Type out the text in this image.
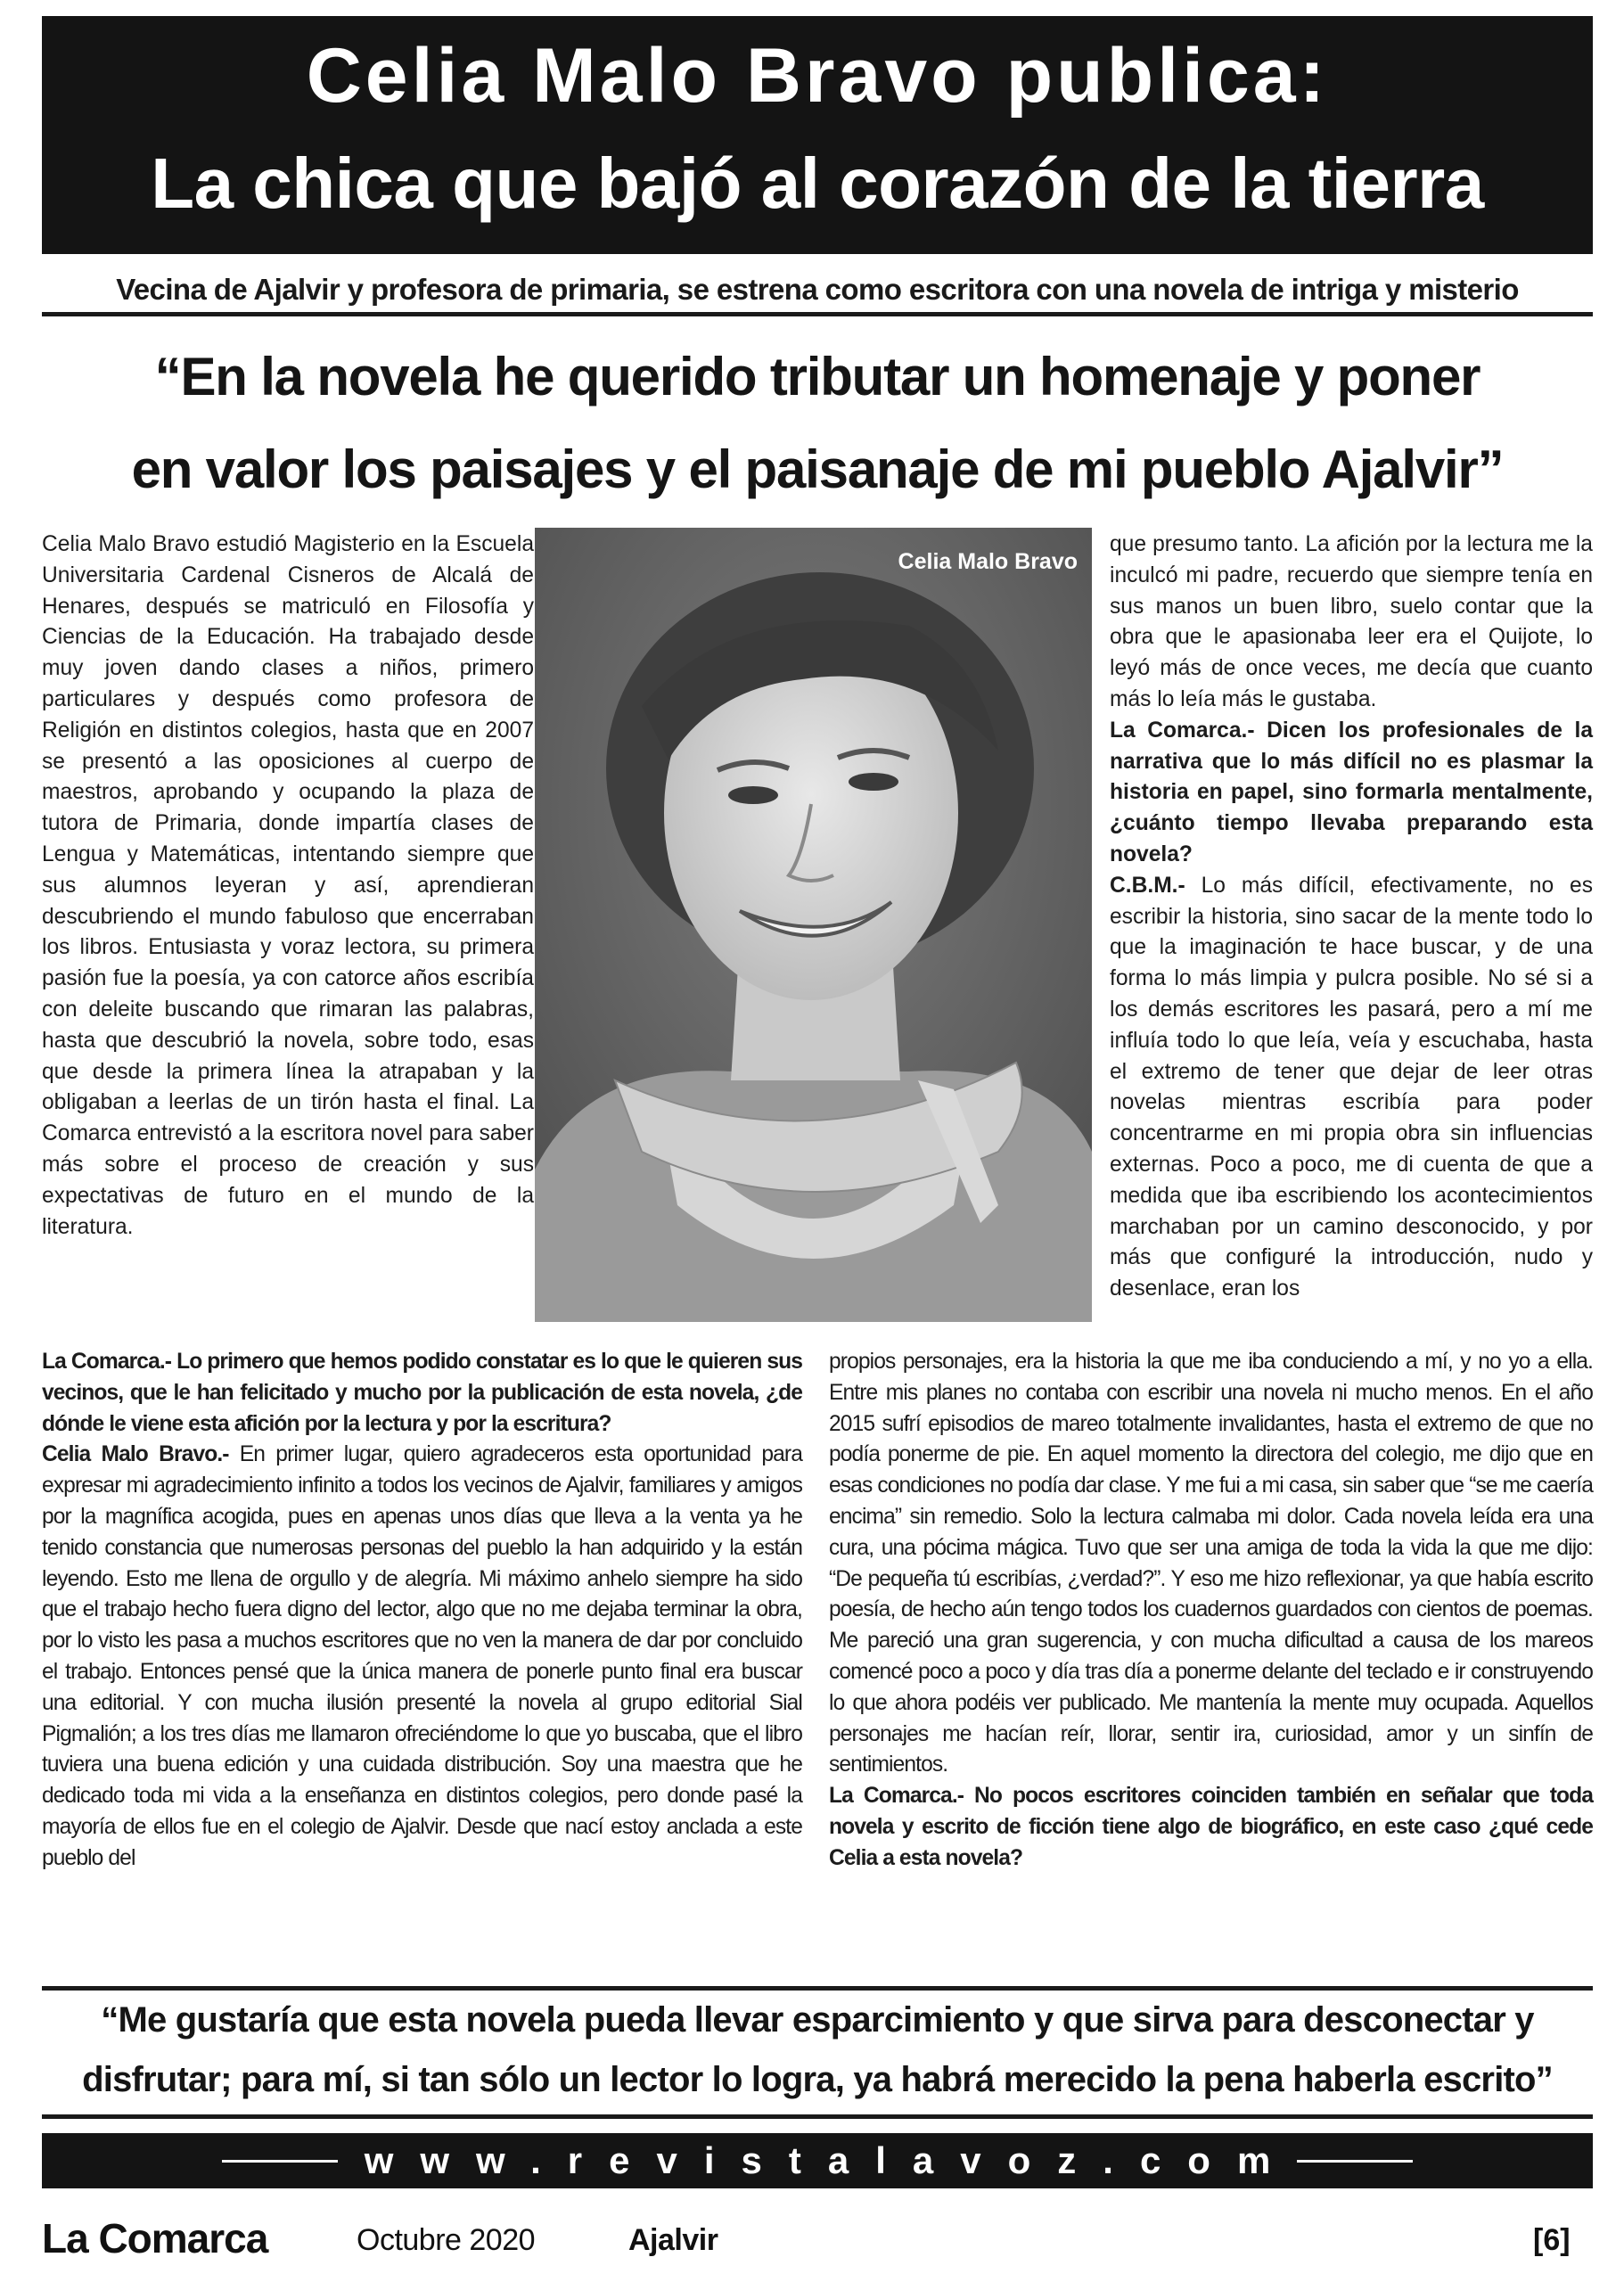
Celia Malo Bravo publica:
La chica que bajó al corazón de la tierra
Vecina de Ajalvir y profesora de primaria, se estrena como escritora con una novela de intriga y misterio
“En la novela he querido tributar un homenaje y poner
en valor los paisajes y el paisanaje de mi pueblo Ajalvir”

Celia Malo Bravo estudió Magisterio en la Escuela Universitaria Cardenal Cisneros de Alcalá de Henares, después se matriculó en Filosofía y Ciencias de la Educación. Ha trabajado desde muy joven dando clases a niños, primero particulares y después como profesora de Religión en distintos colegios, hasta que en 2007 se presentó a las oposiciones al cuerpo de maestros, aprobando y ocupando la plaza de tutora de Primaria, donde impartía clases de Lengua y Matemáticas, intentando siempre que sus alumnos leyeran y así, aprendieran descubriendo el mundo fabuloso que encerraban los libros. Entusiasta y voraz lectora, su primera pasión fue la poesía, ya con catorce años escribía con deleite buscando que rimaran las palabras, hasta que descubrió la novela, sobre todo, esas que desde la primera línea la atrapaban y la obligaban a leerlas de un tirón hasta el final. La Comarca entrevistó a la escritora novel para saber más sobre el proceso de creación y sus expectativas de futuro en el mundo de la literatura.

Celia Malo Bravo

que presumo tanto. La afición por la lectura me la inculcó mi padre, recuerdo que siempre tenía en sus manos un buen libro, suelo contar que la obra que le apasionaba leer era el Quijote, lo leyó más de once veces, me decía que cuanto más lo leía más le gustaba.

La Comarca.- Dicen los profesionales de la narrativa que lo más difícil no es plasmar la historia en papel, sino formarla mentalmente, ¿cuánto tiempo llevaba preparando esta novela?

C.B.M.- Lo más difícil, efectivamente, no es escribir la historia, sino sacar de la mente todo lo que la imaginación te hace buscar, y de una forma lo más limpia y pulcra posible. No sé si a los demás escritores les pasará, pero a mí me influía todo lo que leía, veía y escuchaba, hasta el extremo de tener que dejar de leer otras novelas mientras escribía para poder concentrarme en mi propia obra sin influencias externas. Poco a poco, me di cuenta de que a medida que iba escribiendo los acontecimientos marchaban por un camino desconocido, y por más que configuré la introducción, nudo y desenlace, eran los

La Comarca.- Lo primero que hemos podido constatar es lo que le quieren sus vecinos, que le han felicitado y mucho por la publicación de esta novela, ¿de dónde le viene esta afición por la lectura y por la escritura?

Celia Malo Bravo.- En primer lugar, quiero agradeceros esta oportunidad para expresar mi agradecimiento infinito a todos los vecinos de Ajalvir, familiares y amigos por la magnífica acogida, pues en apenas unos días que lleva a la venta ya he tenido constancia que numerosas personas del pueblo la han adquirido y la están leyendo. Esto me llena de orgullo y de alegría. Mi máximo anhelo siempre ha sido que el trabajo hecho fuera digno del lector, algo que no me dejaba terminar la obra, por lo visto les pasa a muchos escritores que no ven la manera de dar por concluido el trabajo. Entonces pensé que la única manera de ponerle punto final era buscar una editorial. Y con mucha ilusión presenté la novela al grupo editorial Sial Pigmalión; a los tres días me llamaron ofreciéndome lo que yo buscaba, que el libro tuviera una buena edición y una cuidada distribución. Soy una maestra que he dedicado toda mi vida a la enseñanza en distintos colegios, pero donde pasé la mayoría de ellos fue en el colegio de Ajalvir. Desde que nací estoy anclada a este pueblo del

propios personajes, era la historia la que me iba conduciendo a mí, y no yo a ella. Entre mis planes no contaba con escribir una novela ni mucho menos. En el año 2015 sufrí episodios de mareo totalmente invalidantes, hasta el extremo de que no podía ponerme de pie. En aquel momento la directora del colegio, me dijo que en esas condiciones no podía dar clase. Y me fui a mi casa, sin saber que “se me caería encima” sin remedio. Solo la lectura calmaba mi dolor. Cada novela leída era una cura, una pócima mágica. Tuvo que ser una amiga de toda la vida la que me dijo: “De pequeña tú escribías, ¿verdad?”. Y eso me hizo reflexionar, ya que había escrito poesía, de hecho aún tengo todos los cuadernos guardados con cientos de poemas. Me pareció una gran sugerencia, y con mucha dificultad a causa de los mareos comencé poco a poco y día tras día a ponerme delante del teclado e ir construyendo lo que ahora podéis ver publicado. Me mantenía la mente muy ocupada. Aquellos personajes me hacían reír, llorar, sentir ira, curiosidad, amor y un sinfín de sentimientos.

La Comarca.- No pocos escritores coinciden también en señalar que toda novela y escrito de ficción tiene algo de biográfico, en este caso ¿qué cede Celia a esta novela?

“Me gustaría que esta novela pueda llevar esparcimiento y que sirva para desconectar y
disfrutar; para mí, si tan sólo un lector lo logra, ya habrá merecido la pena haberla escrito”
www.revistalavoz.com
La Comarca	Octubre 2020	Ajalvir	[6]
